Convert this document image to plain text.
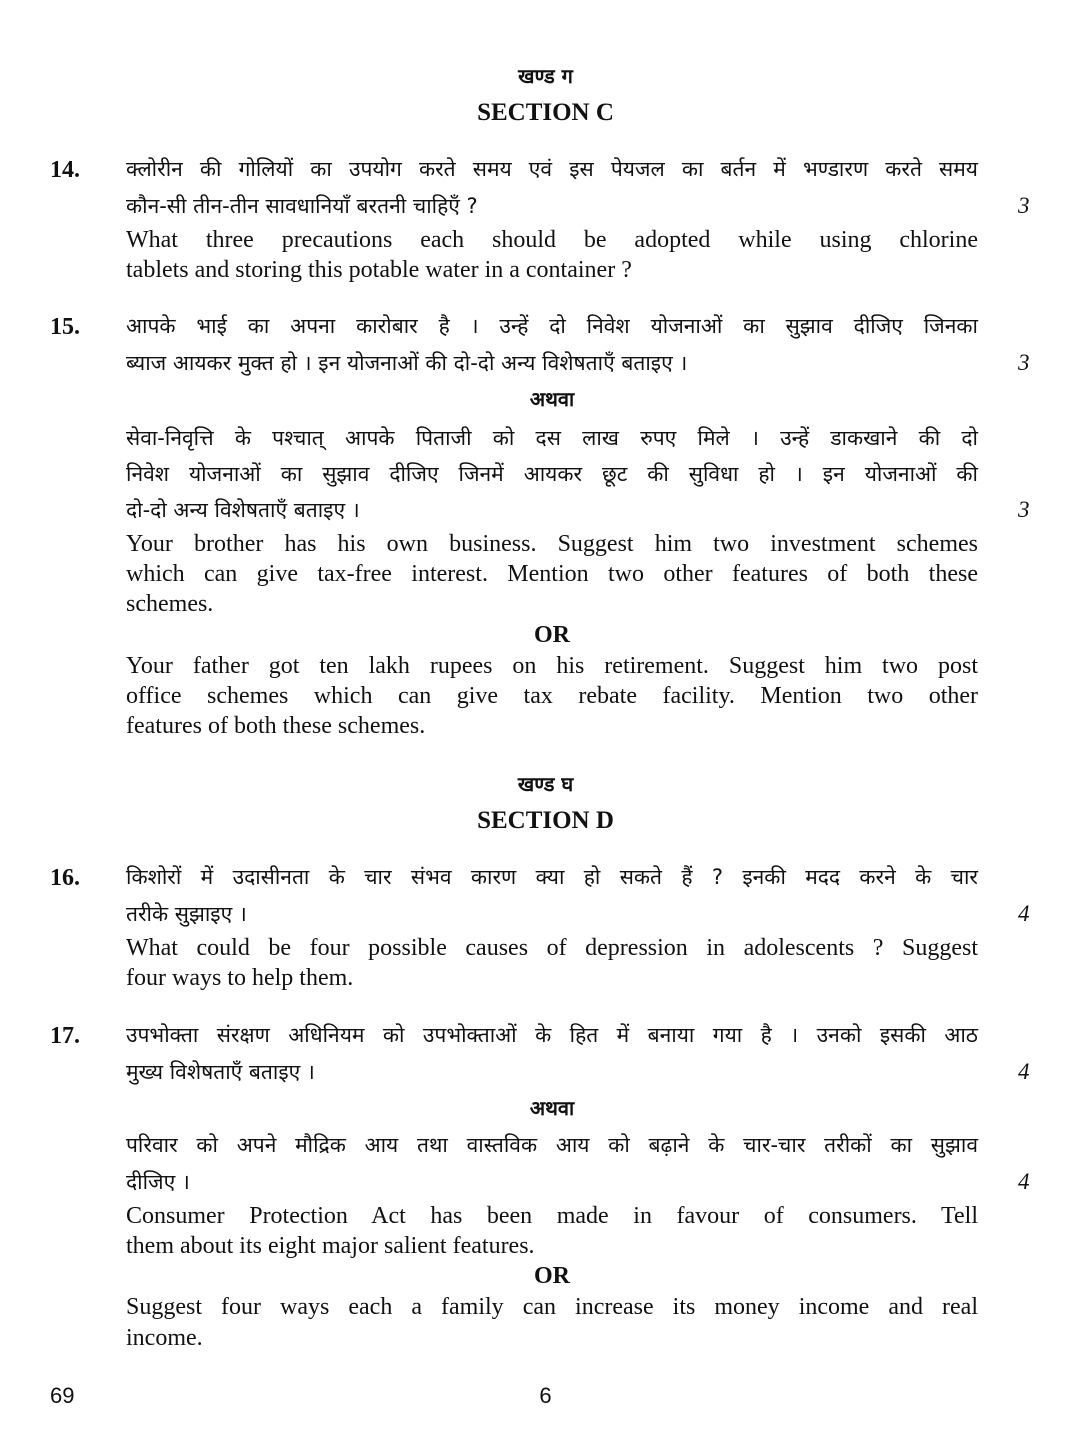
खण्ड ग
SECTION C
14. क्लोरीन की गोलियों का उपयोग करते समय एवं इस पेयजल का बर्तन में भण्डारण करते समय
कौन-सी तीन-तीन सावधानियाँ बरतनी चाहिएँ ?	3
What three precautions each should be adopted while using chlorine
tablets and storing this potable water in a container ?
15. आपके भाई का अपना कारोबार है । उन्हें दो निवेश योजनाओं का सुझाव दीजिए जिनका
ब्याज आयकर मुक्त हो । इन योजनाओं की दो-दो अन्य विशेषताएँ बताइए ।	3
अथवा
सेवा-निवृत्ति के पश्चात् आपके पिताजी को दस लाख रुपए मिले । उन्हें डाकखाने की दो
निवेश योजनाओं का सुझाव दीजिए जिनमें आयकर छूट की सुविधा हो । इन योजनाओं की
दो-दो अन्य विशेषताएँ बताइए ।	3
Your brother has his own business. Suggest him two investment schemes
which can give tax-free interest. Mention two other features of both these
schemes.
OR
Your father got ten lakh rupees on his retirement. Suggest him two post
office schemes which can give tax rebate facility. Mention two other
features of both these schemes.
खण्ड घ
SECTION D
16. किशोरों में उदासीनता के चार संभव कारण क्या हो सकते हैं ? इनकी मदद करने के चार
तरीके सुझाइए ।	4
What could be four possible causes of depression in adolescents ? Suggest
four ways to help them.
17. उपभोक्ता संरक्षण अधिनियम को उपभोक्ताओं के हित में बनाया गया है । उनको इसकी आठ
मुख्य विशेषताएँ बताइए ।	4
अथवा
परिवार को अपने मौद्रिक आय तथा वास्तविक आय को बढ़ाने के चार-चार तरीकों का सुझाव
दीजिए ।	4
Consumer Protection Act has been made in favour of consumers. Tell
them about its eight major salient features.
OR
Suggest four ways each a family can increase its money income and real
income.
69	6
